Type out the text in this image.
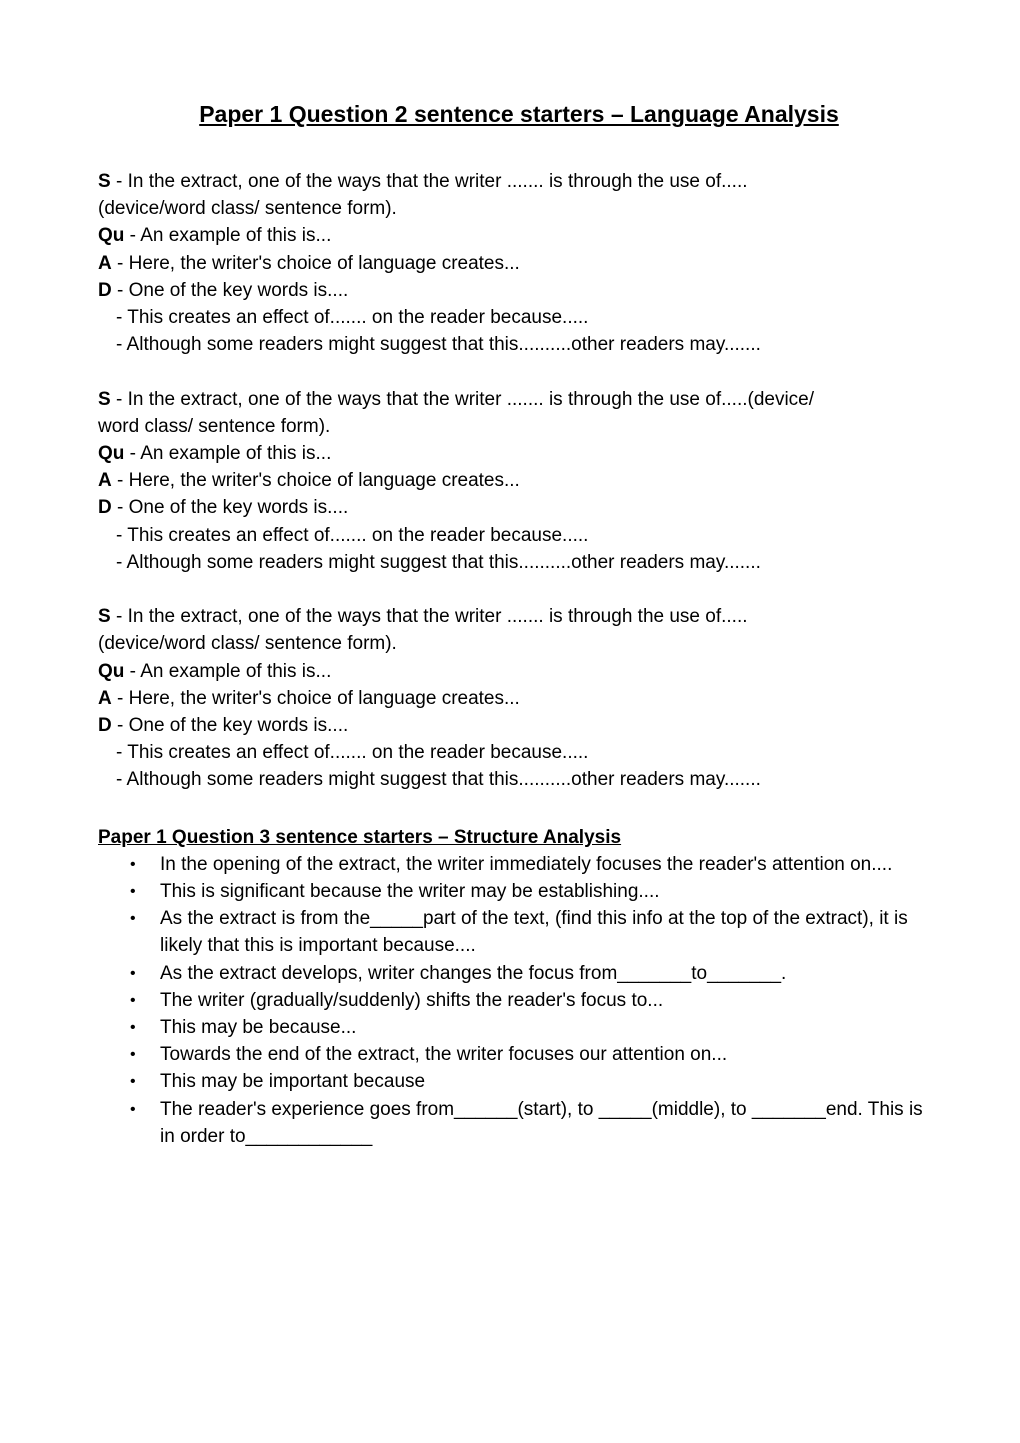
Paper 1 Question 2 sentence starters – Language Analysis

S - In the extract, one of the ways that the writer ....... is through the use of.....

(device/word class/ sentence form).

Qu - An example of this is...

A - Here, the writer's choice of language creates...

D - One of the key words is....

- This creates an effect of....... on the reader because.....

- Although some readers might suggest that this..........other readers may.......

S - In the extract, one of the ways that the writer ....... is through the use of.....(device/

word class/ sentence form).

Qu - An example of this is...

A - Here, the writer's choice of language creates...

D - One of the key words is....

- This creates an effect of....... on the reader because.....

- Although some readers might suggest that this..........other readers may.......

S - In the extract, one of the ways that the writer ....... is through the use of.....

(device/word class/ sentence form).

Qu - An example of this is...

A - Here, the writer's choice of language creates...

D - One of the key words is....

- This creates an effect of....... on the reader because.....

- Although some readers might suggest that this..........other readers may.......

Paper 1 Question 3 sentence starters – Structure Analysis
• In the opening of the extract, the writer immediately focuses the reader's attention on....
• This is significant because the writer may be establishing....
• As the extract is from the_____part of the text, (find this info at the top of the extract), it is likely that this is important because....
• As the extract develops, writer changes the focus from_______to_______.
• The writer (gradually/suddenly) shifts the reader's focus to...
• This may be because...
• Towards the end of the extract, the writer focuses our attention on...
• This may be important because
• The reader's experience goes from______(start), to _____(middle), to _______end. This is in order to____________
